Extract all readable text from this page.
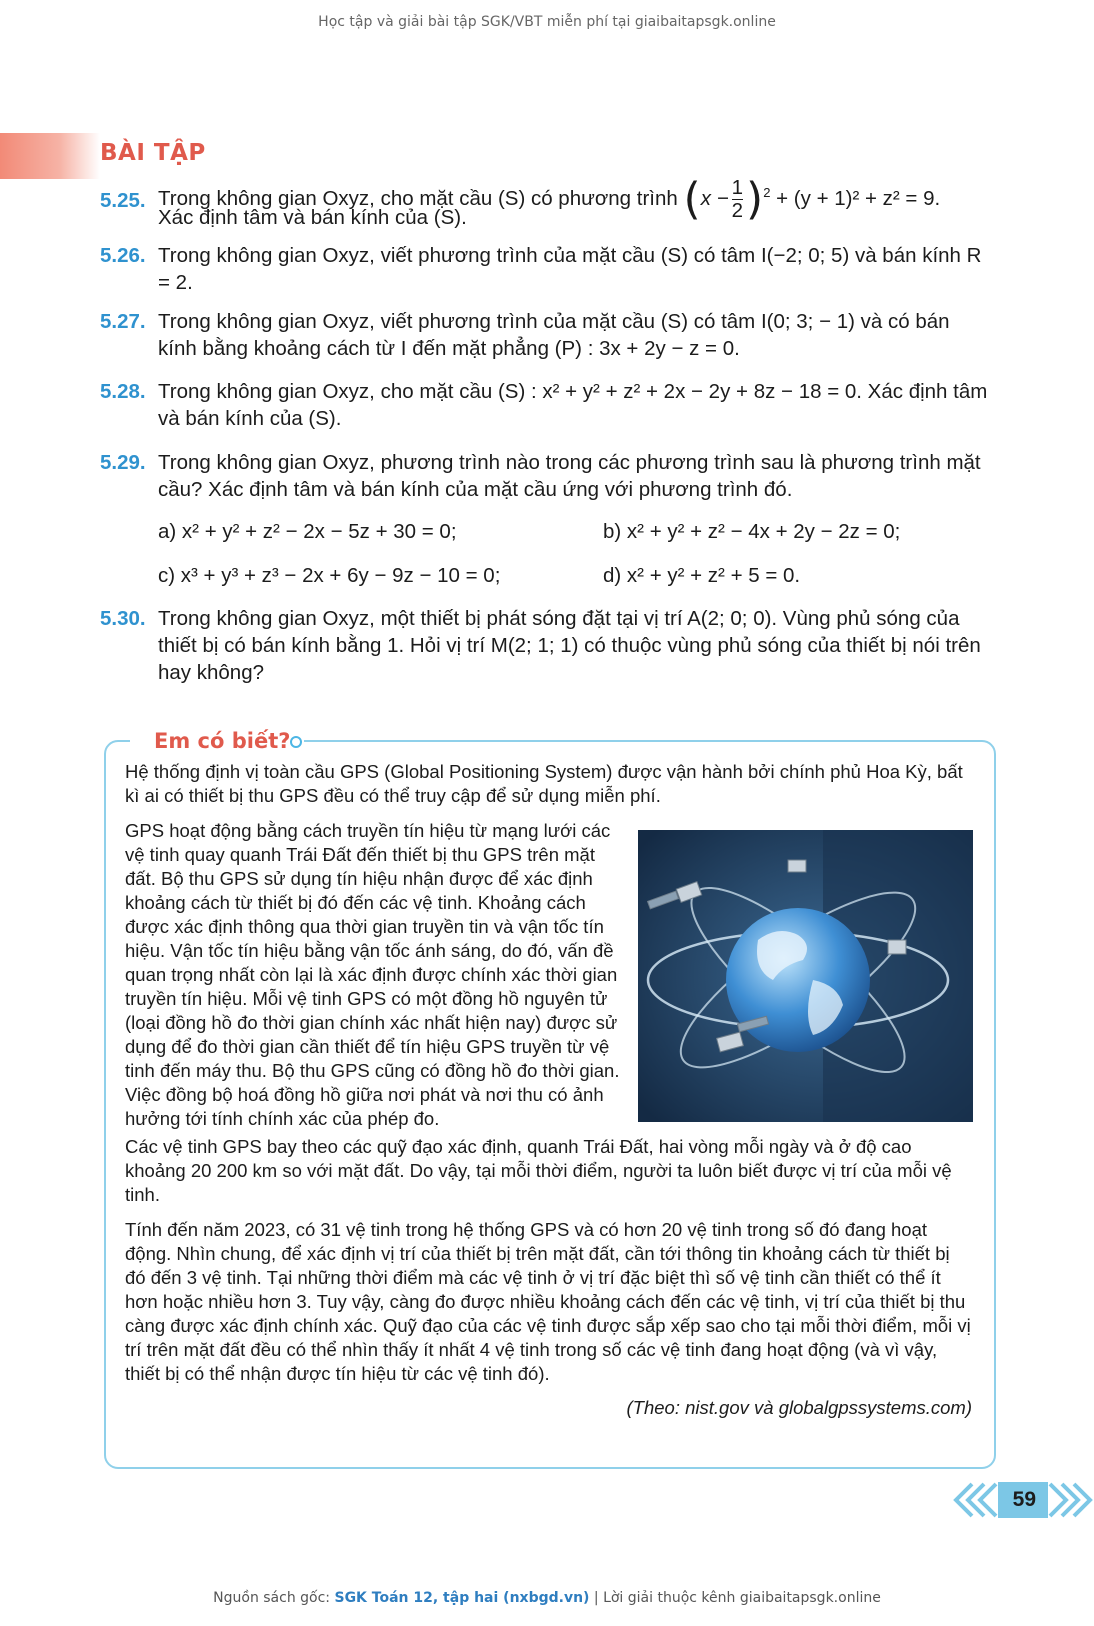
Học tập và giải bài tập SGK/VBT miễn phí tại giaibaitapsgk.online
BÀI TẬP
5.25. Trong không gian Oxyz, cho mặt cầu (S) có phương trình $(x - \frac{1}{2} )^2 + (y + 1)^2 + z^2 = 9$.
Xác định tâm và bán kính của (S).
5.26. Trong không gian Oxyz, viết phương trình của mặt cầu (S) có tâm I(−2; 0; 5) và bán kính R = 2.
5.27. Trong không gian Oxyz, viết phương trình của mặt cầu (S) có tâm I(0; 3; − 1) và có bán kính bằng khoảng cách từ I đến mặt phẳng (P) : 3x + 2y − z = 0.
5.28. Trong không gian Oxyz, cho mặt cầu (S) : x² + y² + z² + 2x − 2y + 8z − 18 = 0. Xác định tâm và bán kính của (S).
5.29. Trong không gian Oxyz, phương trình nào trong các phương trình sau là phương trình mặt cầu? Xác định tâm và bán kính của mặt cầu ứng với phương trình đó.
a) x² + y² + z² − 2x − 5z + 30 = 0;	b) x² + y² + z² − 4x + 2y − 2z = 0;
c) x³ + y³ + z³ − 2x + 6y − 9z − 10 = 0;	d) x² + y² + z² + 5 = 0.
5.30. Trong không gian Oxyz, một thiết bị phát sóng đặt tại vị trí A(2; 0; 0). Vùng phủ sóng của thiết bị có bán kính bằng 1. Hỏi vị trí M(2; 1; 1) có thuộc vùng phủ sóng của thiết bị nói trên hay không?
Em có biết?
Hệ thống định vị toàn cầu GPS (Global Positioning System) được vận hành bởi chính phủ Hoa Kỳ, bất kì ai có thiết bị thu GPS đều có thể truy cập để sử dụng miễn phí.
GPS hoạt động bằng cách truyền tín hiệu từ mạng lưới các vệ tinh quay quanh Trái Đất đến thiết bị thu GPS trên mặt đất. Bộ thu GPS sử dụng tín hiệu nhận được để xác định khoảng cách từ thiết bị đó đến các vệ tinh. Khoảng cách được xác định thông qua thời gian truyền tin và vận tốc tín hiệu. Vận tốc tín hiệu bằng vận tốc ánh sáng, do đó, vấn đề quan trọng nhất còn lại là xác định được chính xác thời gian truyền tín hiệu. Mỗi vệ tinh GPS có một đồng hồ nguyên tử (loại đồng hồ đo thời gian chính xác nhất hiện nay) được sử dụng để đo thời gian cần thiết để tín hiệu GPS truyền từ vệ tinh đến máy thu. Bộ thu GPS cũng có đồng hồ đo thời gian. Việc đồng bộ hoá đồng hồ giữa nơi phát và nơi thu có ảnh hưởng tới tính chính xác của phép đo.
Các vệ tinh GPS bay theo các quỹ đạo xác định, quanh Trái Đất, hai vòng mỗi ngày và ở độ cao khoảng 20 200 km so với mặt đất. Do vậy, tại mỗi thời điểm, người ta luôn biết được vị trí của mỗi vệ tinh.
Tính đến năm 2023, có 31 vệ tinh trong hệ thống GPS và có hơn 20 vệ tinh trong số đó đang hoạt động. Nhìn chung, để xác định vị trí của thiết bị trên mặt đất, cần tới thông tin khoảng cách từ thiết bị đó đến 3 vệ tinh. Tại những thời điểm mà các vệ tinh ở vị trí đặc biệt thì số vệ tinh cần thiết có thể ít hơn hoặc nhiều hơn 3. Tuy vậy, càng đo được nhiều khoảng cách đến các vệ tinh, vị trí của thiết bị thu càng được xác định chính xác. Quỹ đạo của các vệ tinh được sắp xếp sao cho tại mỗi thời điểm, mỗi vị trí trên mặt đất đều có thể nhìn thấy ít nhất 4 vệ tinh trong số các vệ tinh đang hoạt động (và vì vậy, thiết bị có thể nhận được tín hiệu từ các vệ tinh đó).
(Theo: nist.gov và globalgpssystems.com)
59
Nguồn sách gốc: SGK Toán 12, tập hai (nxbgd.vn) | Lời giải thuộc kênh giaibaitapsgk.online
